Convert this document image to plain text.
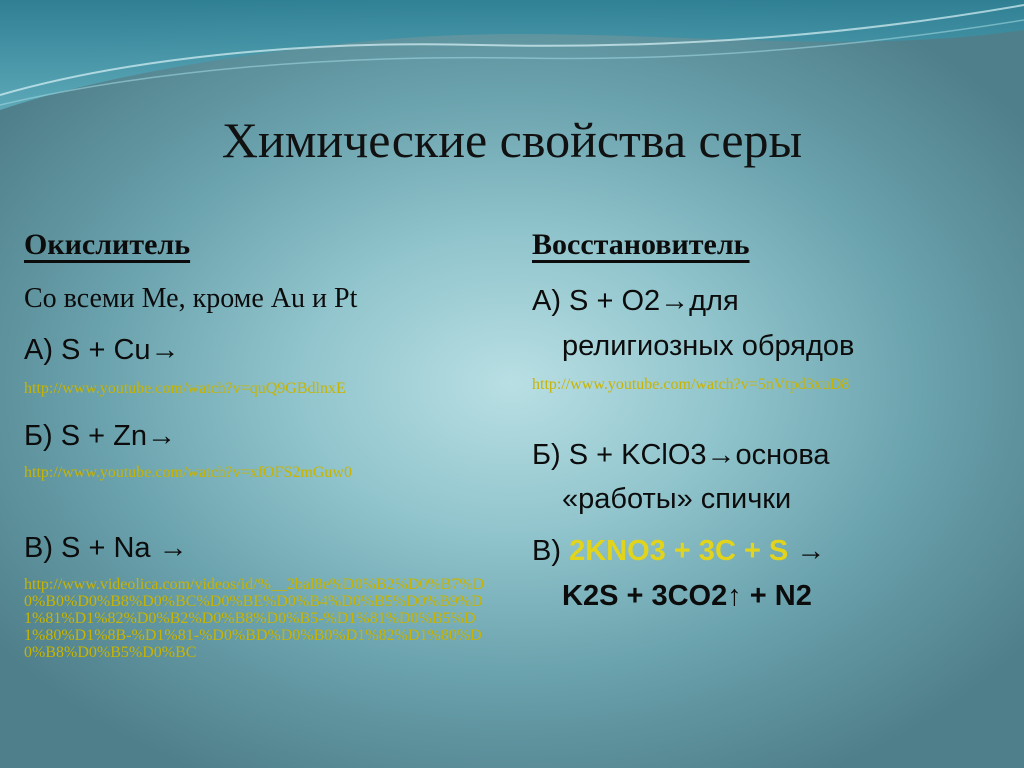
Химические свойства серы
Окислитель
Со всеми Ме, кроме Au и Pt
А) S + Cu→
http://www.youtube.com/watch?v=quQ9GBdlnxE
Б) S + Zn→
http://www.youtube.com/watch?v=xfOFS2mGuw0
В) S + Na →
http://www.videolica.com/videos/id/%__2bal8e%D0%B2%D0%B7%D0%B0%D0%B8%D0%BC%D0%BE%D0%B4%D0%B5%D0%B9%D1%81%D1%82%D0%B2%D0%B8%D0%B5-%D1%81%D0%B5%D1%80%D1%8B-%D1%81-%D0%BD%D0%B0%D1%82%D1%80%D0%B8%D0%B5%D0%BC
Восстановитель
А) S + O2→для
религиозных обрядов
http://www.youtube.com/watch?v=5nVtpd3xuD8
Б) S + KClO3→основа
«работы» спички
В) 2KNO3 + 3C + S →
K2S + 3CO2↑ + N2
